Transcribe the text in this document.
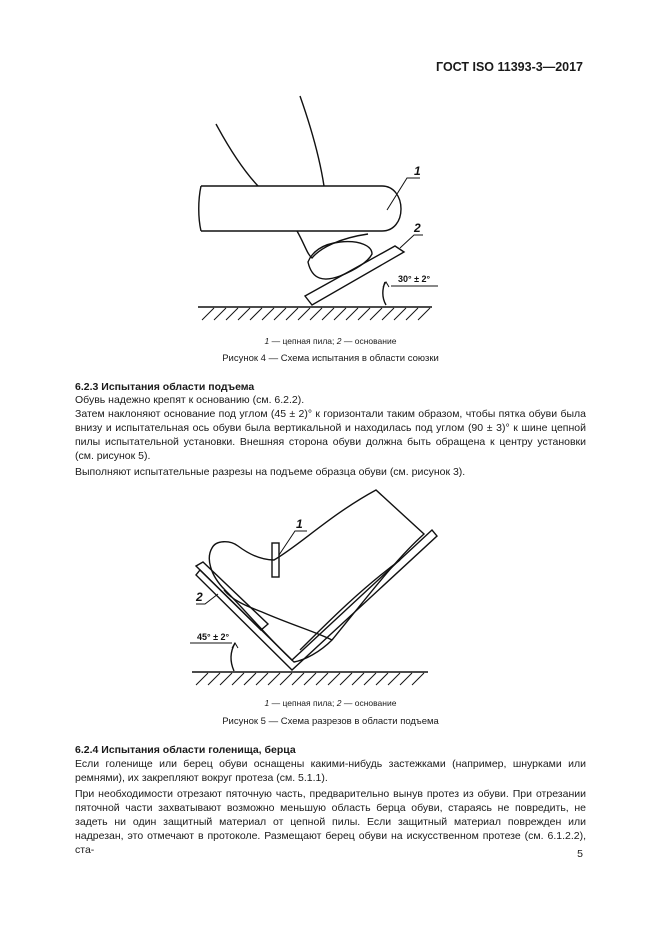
ГОСТ ISO 11393-3—2017
1
2
30° ± 2°
1 — цепная пила; 2 — основание
Рисунок 4 — Схема испытания в области союзки
6.2.3 Испытания области подъема

Обувь надежно крепят к основанию (см. 6.2.2).

Затем наклоняют основание под углом (45 ± 2)° к горизонтали таким образом, чтобы пятка обуви была внизу и испытательная ось обуви была вертикальной и находилась под углом (90 ± 3)° к шине цепной пилы испытательной установки. Внешняя сторона обуви должна быть обращена к центру установки (см. рисунок 5).

Выполняют испытательные разрезы на подъеме образца обуви (см. рисунок 3).

1
2
45° ± 2°
1 — цепная пила; 2 — основание
Рисунок 5 — Схема разрезов в области подъема
6.2.4 Испытания области голенища, берца

Если голенище или берец обуви оснащены какими-нибудь застежками (например, шнурками или ремнями), их закрепляют вокруг протеза (см. 5.1.1).

При необходимости отрезают пяточную часть, предварительно вынув протез из обуви. При отрезании пяточной части захватывают возможно меньшую область берца обуви, стараясь не повредить, не задеть ни один защитный материал от цепной пилы. Если защитный материал поврежден или надрезан, это отмечают в протоколе. Размещают берец обуви на искусственном протезе (см. 6.1.2.2), ста-	5
